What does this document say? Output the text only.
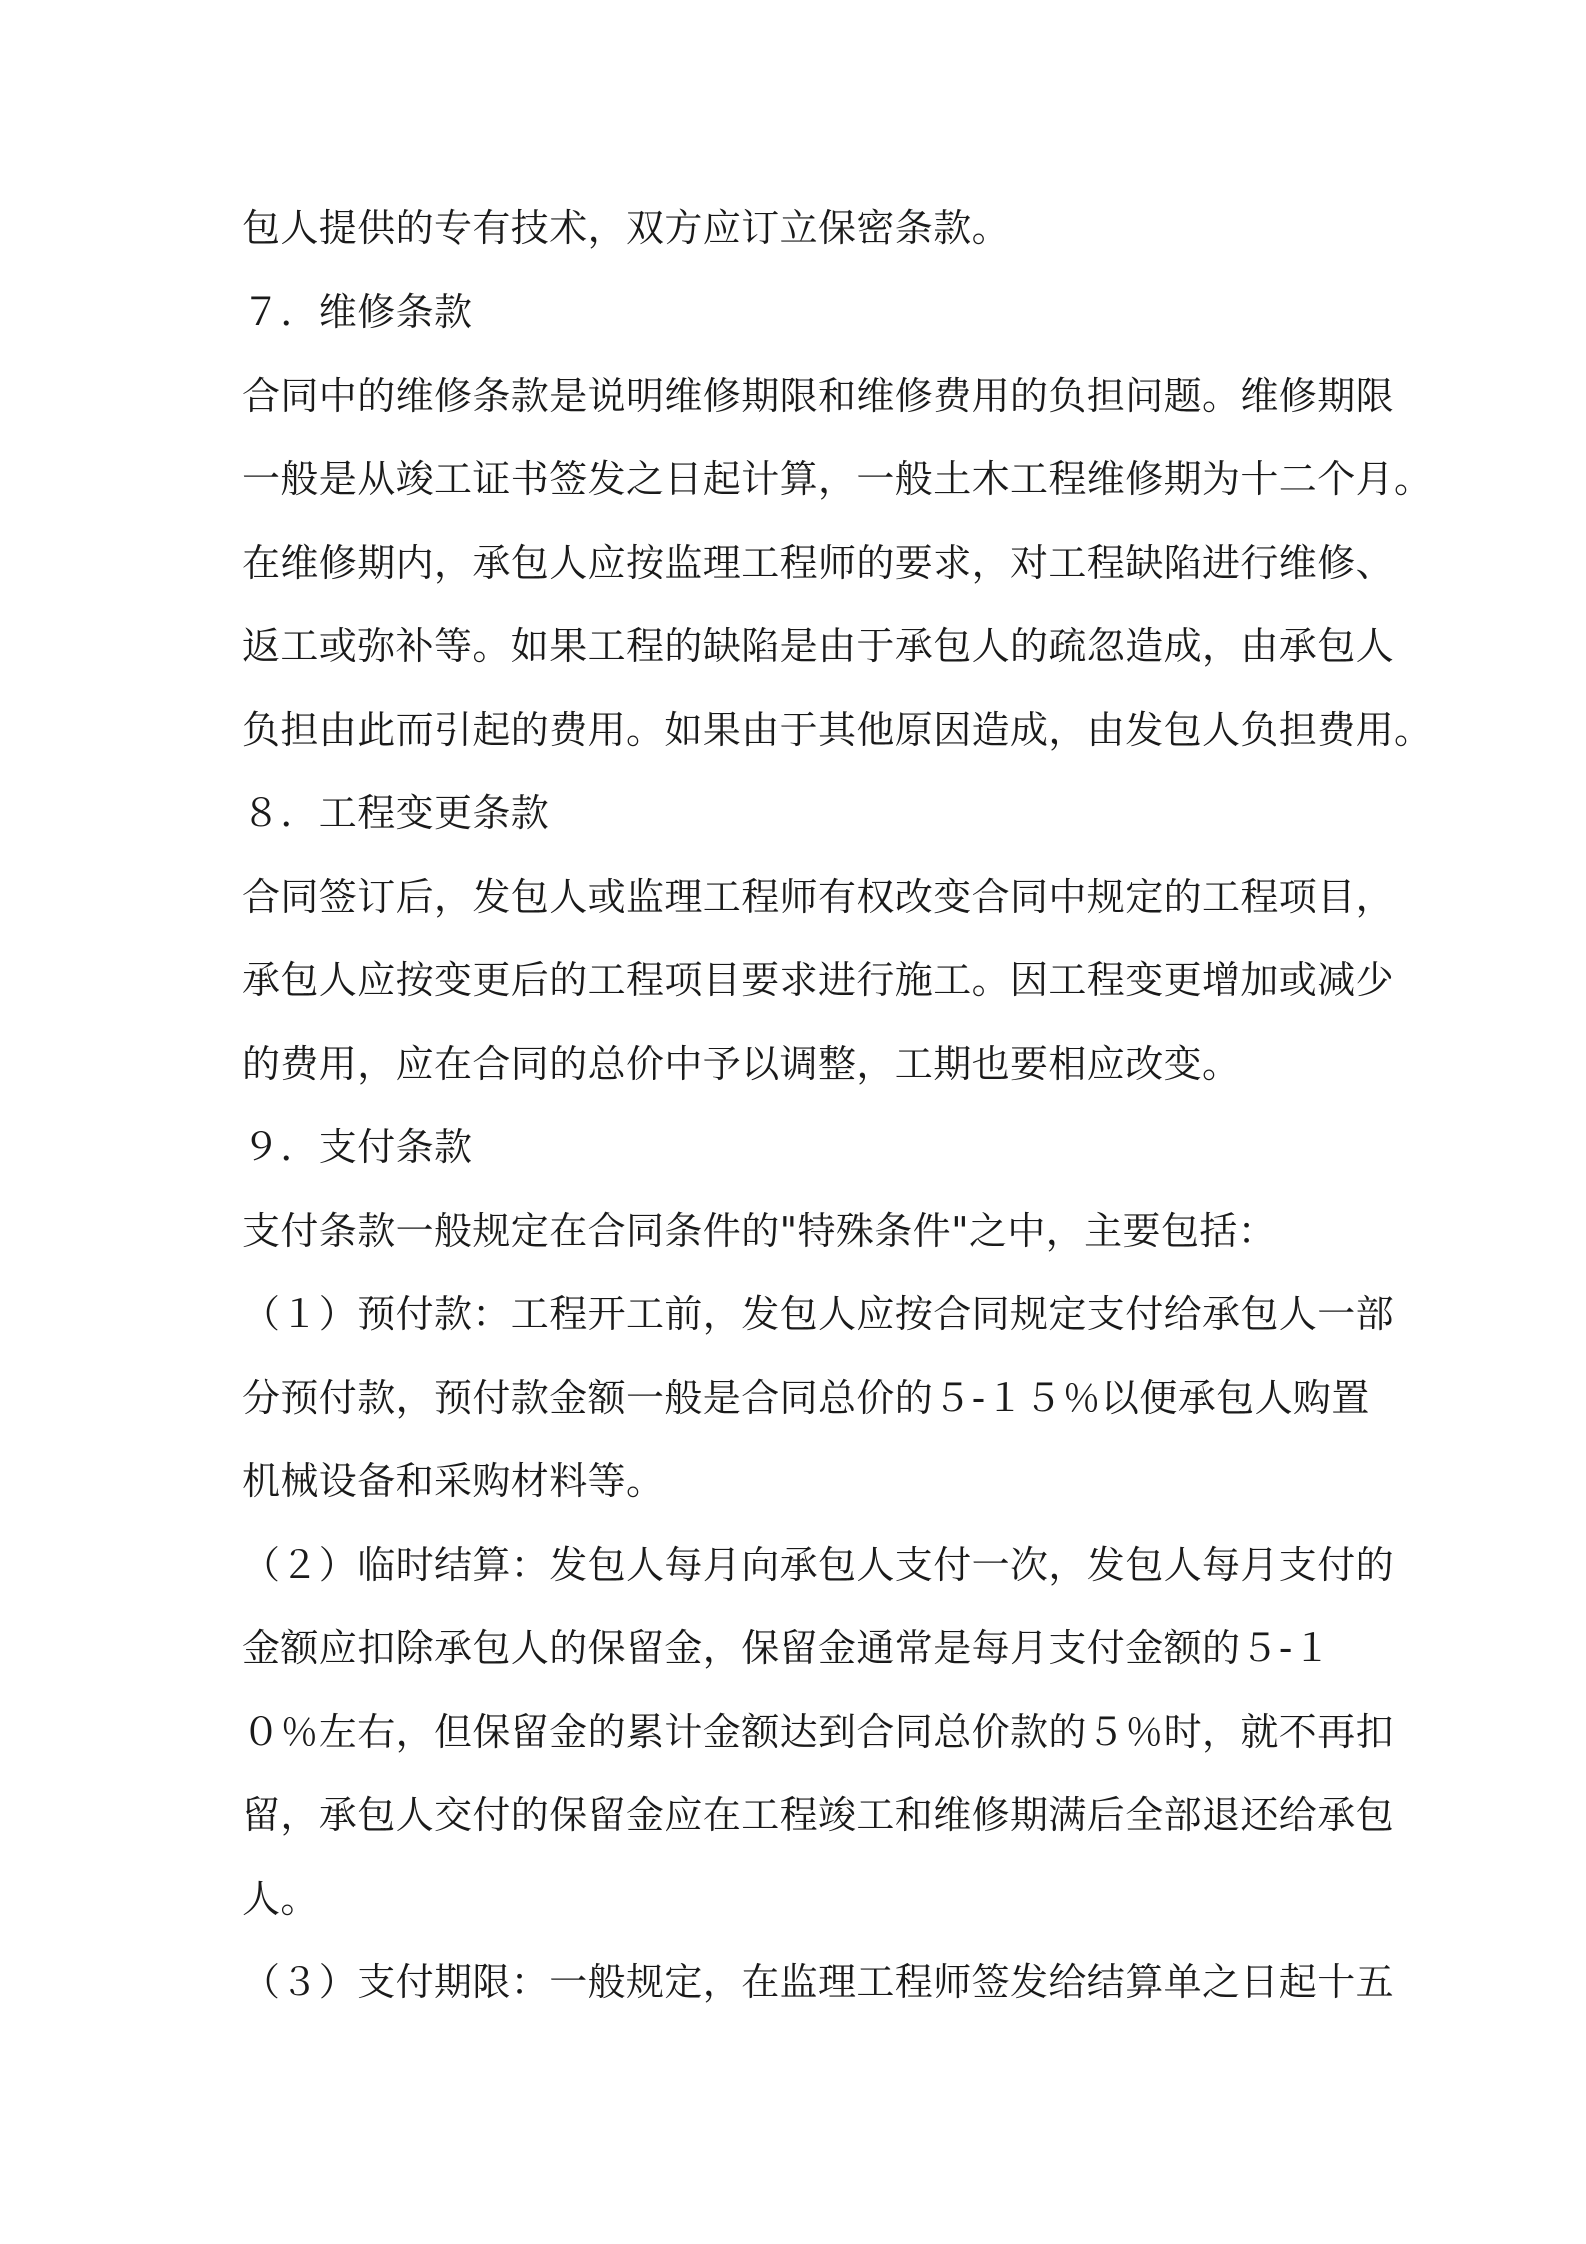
包人提供的专有技术，双方应订立保密条款。
７．维修条款
合同中的维修条款是说明维修期限和维修费用的负担问题。维修期限
一般是从竣工证书签发之日起计算，一般土木工程维修期为十二个月。
在维修期内，承包人应按监理工程师的要求，对工程缺陷进行维修、
返工或弥补等。如果工程的缺陷是由于承包人的疏忽造成，由承包人
负担由此而引起的费用。如果由于其他原因造成，由发包人负担费用。
８．工程变更条款
合同签订后，发包人或监理工程师有权改变合同中规定的工程项目，
承包人应按变更后的工程项目要求进行施工。因工程变更增加或减少
的费用，应在合同的总价中予以调整，工期也要相应改变。
９．支付条款
支付条款一般规定在合同条件的"特殊条件"之中，主要包括：
（１）预付款：工程开工前，发包人应按合同规定支付给承包人一部
分预付款，预付款金额一般是合同总价的５-１５％以便承包人购置
机械设备和采购材料等。
（２）临时结算：发包人每月向承包人支付一次，发包人每月支付的
金额应扣除承包人的保留金，保留金通常是每月支付金额的５-１
０％左右，但保留金的累计金额达到合同总价款的５％时，就不再扣
留，承包人交付的保留金应在工程竣工和维修期满后全部退还给承包
人。
（３）支付期限：一般规定，在监理工程师签发给结算单之日起十五
